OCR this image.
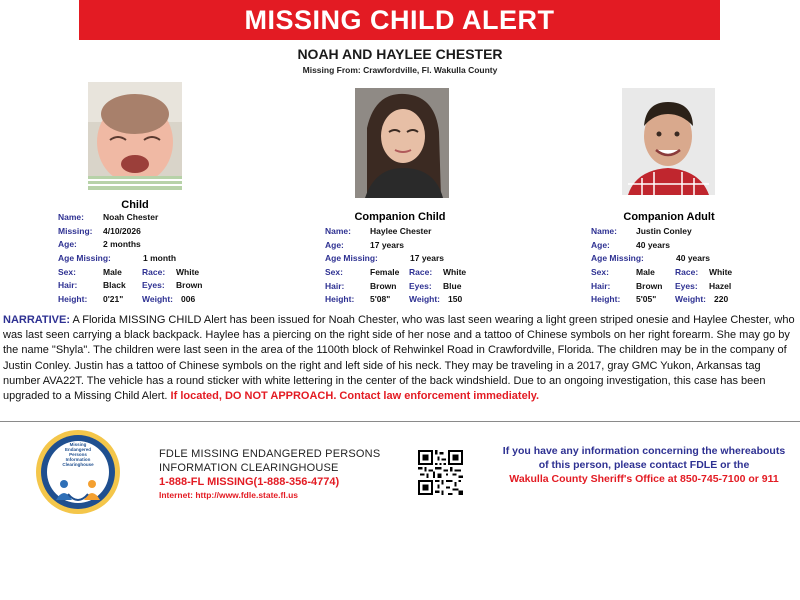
MISSING CHILD ALERT
NOAH AND HAYLEE CHESTER
Missing From: Crawfordville, Fl. Wakulla County
Child
Name: Noah Chester
Missing: 4/10/2026
Age:	2 months
Age Missing:	1 month
Sex:	Male Race: White
Hair:	Black Eyes: Brown
Height: 0'21" Weight: 006
Companion Child
Name: Haylee Chester
Age:	17 years
Age Missing:	17 years
Sex:	Female Race: White
Hair:	Brown Eyes: Blue
Height: 5'08" Weight: 150
Companion Adult
Name: Justin Conley
Age:	40 years
Age Missing:	40 years
Sex:	Male Race: White
Hair:	Brown Eyes: Hazel
Height: 5'05" Weight: 220
NARRATIVE: A Florida MISSING CHILD Alert has been issued for Noah Chester, who was last seen wearing a light green striped onesie and Haylee Chester, who was last seen carrying a black backpack. Haylee has a piercing on the right side of her nose and a tattoo of Chinese symbols on her right forearm. She may go by the name "Shyla". The children were last seen in the area of the 1100th block of Rehwinkel Road in Crawfordville, Florida. The children may be in the company of Justin Conley. Justin has a tattoo of Chinese symbols on the right and left side of his neck. They may be traveling in a 2017, gray GMC Yukon, Arkansas tag number AVA22T. The vehicle has a round sticker with white lettering in the center of the back windshield. Due to an ongoing investigation, this case has been upgraded to a Missing Child Alert. If located, DO NOT APPROACH. Contact law enforcement immediately.
Missing Endangered Persons Information Clearinghouse
FDLE MISSING ENDANGERED PERSONS
INFORMATION CLEARINGHOUSE
1-888-FL MISSING(1-888-356-4774)
Internet: http://www.fdle.state.fl.us
If you have any information concerning the whereabouts
of this person, please contact FDLE or the
Wakulla County Sheriff's Office at 850-745-7100 or 911
